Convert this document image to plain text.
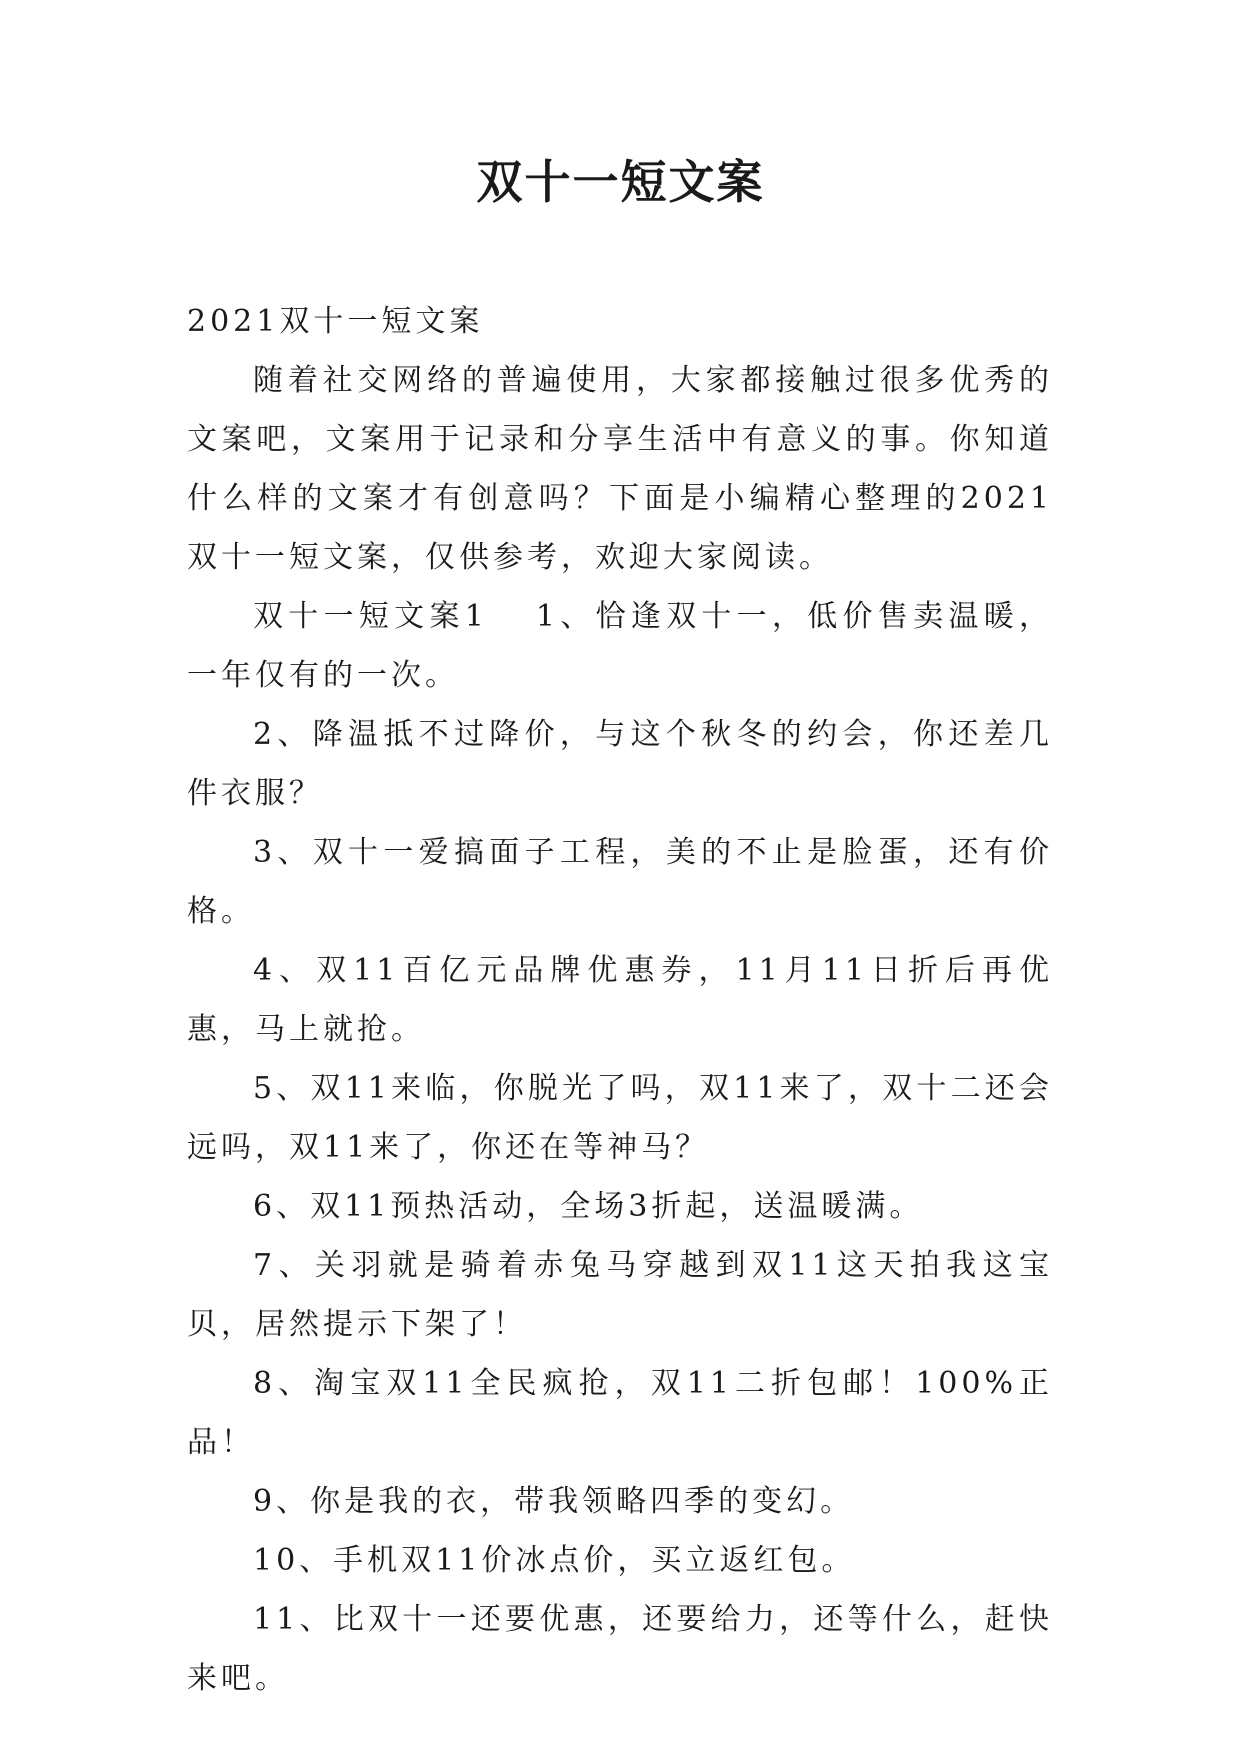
双十一短文案

2021双十一短文案

随着社交网络的普遍使用，大家都接触过很多优秀的文案吧，文案用于记录和分享生活中有意义的事。你知道什么样的文案才有创意吗？下面是小编精心整理的2021双十一短文案，仅供参考，欢迎大家阅读。

双十一短文案1 1、恰逢双十一，低价售卖温暖，一年仅有的一次。

2、降温抵不过降价，与这个秋冬的约会，你还差几件衣服？

3、双十一爱搞面子工程，美的不止是脸蛋，还有价格。

4、双11百亿元品牌优惠券，11月11日折后再优惠，马上就抢。

5、双11来临，你脱光了吗，双11来了，双十二还会远吗，双11来了，你还在等神马？

6、双11预热活动，全场3折起，送温暖满。

7、关羽就是骑着赤兔马穿越到双11这天拍我这宝贝，居然提示下架了！

8、淘宝双11全民疯抢，双11二折包邮！100%正品！

9、你是我的衣，带我领略四季的变幻。

10、手机双11价冰点价，买立返红包。

11、比双十一还要优惠，还要给力，还等什么，赶快来吧。
